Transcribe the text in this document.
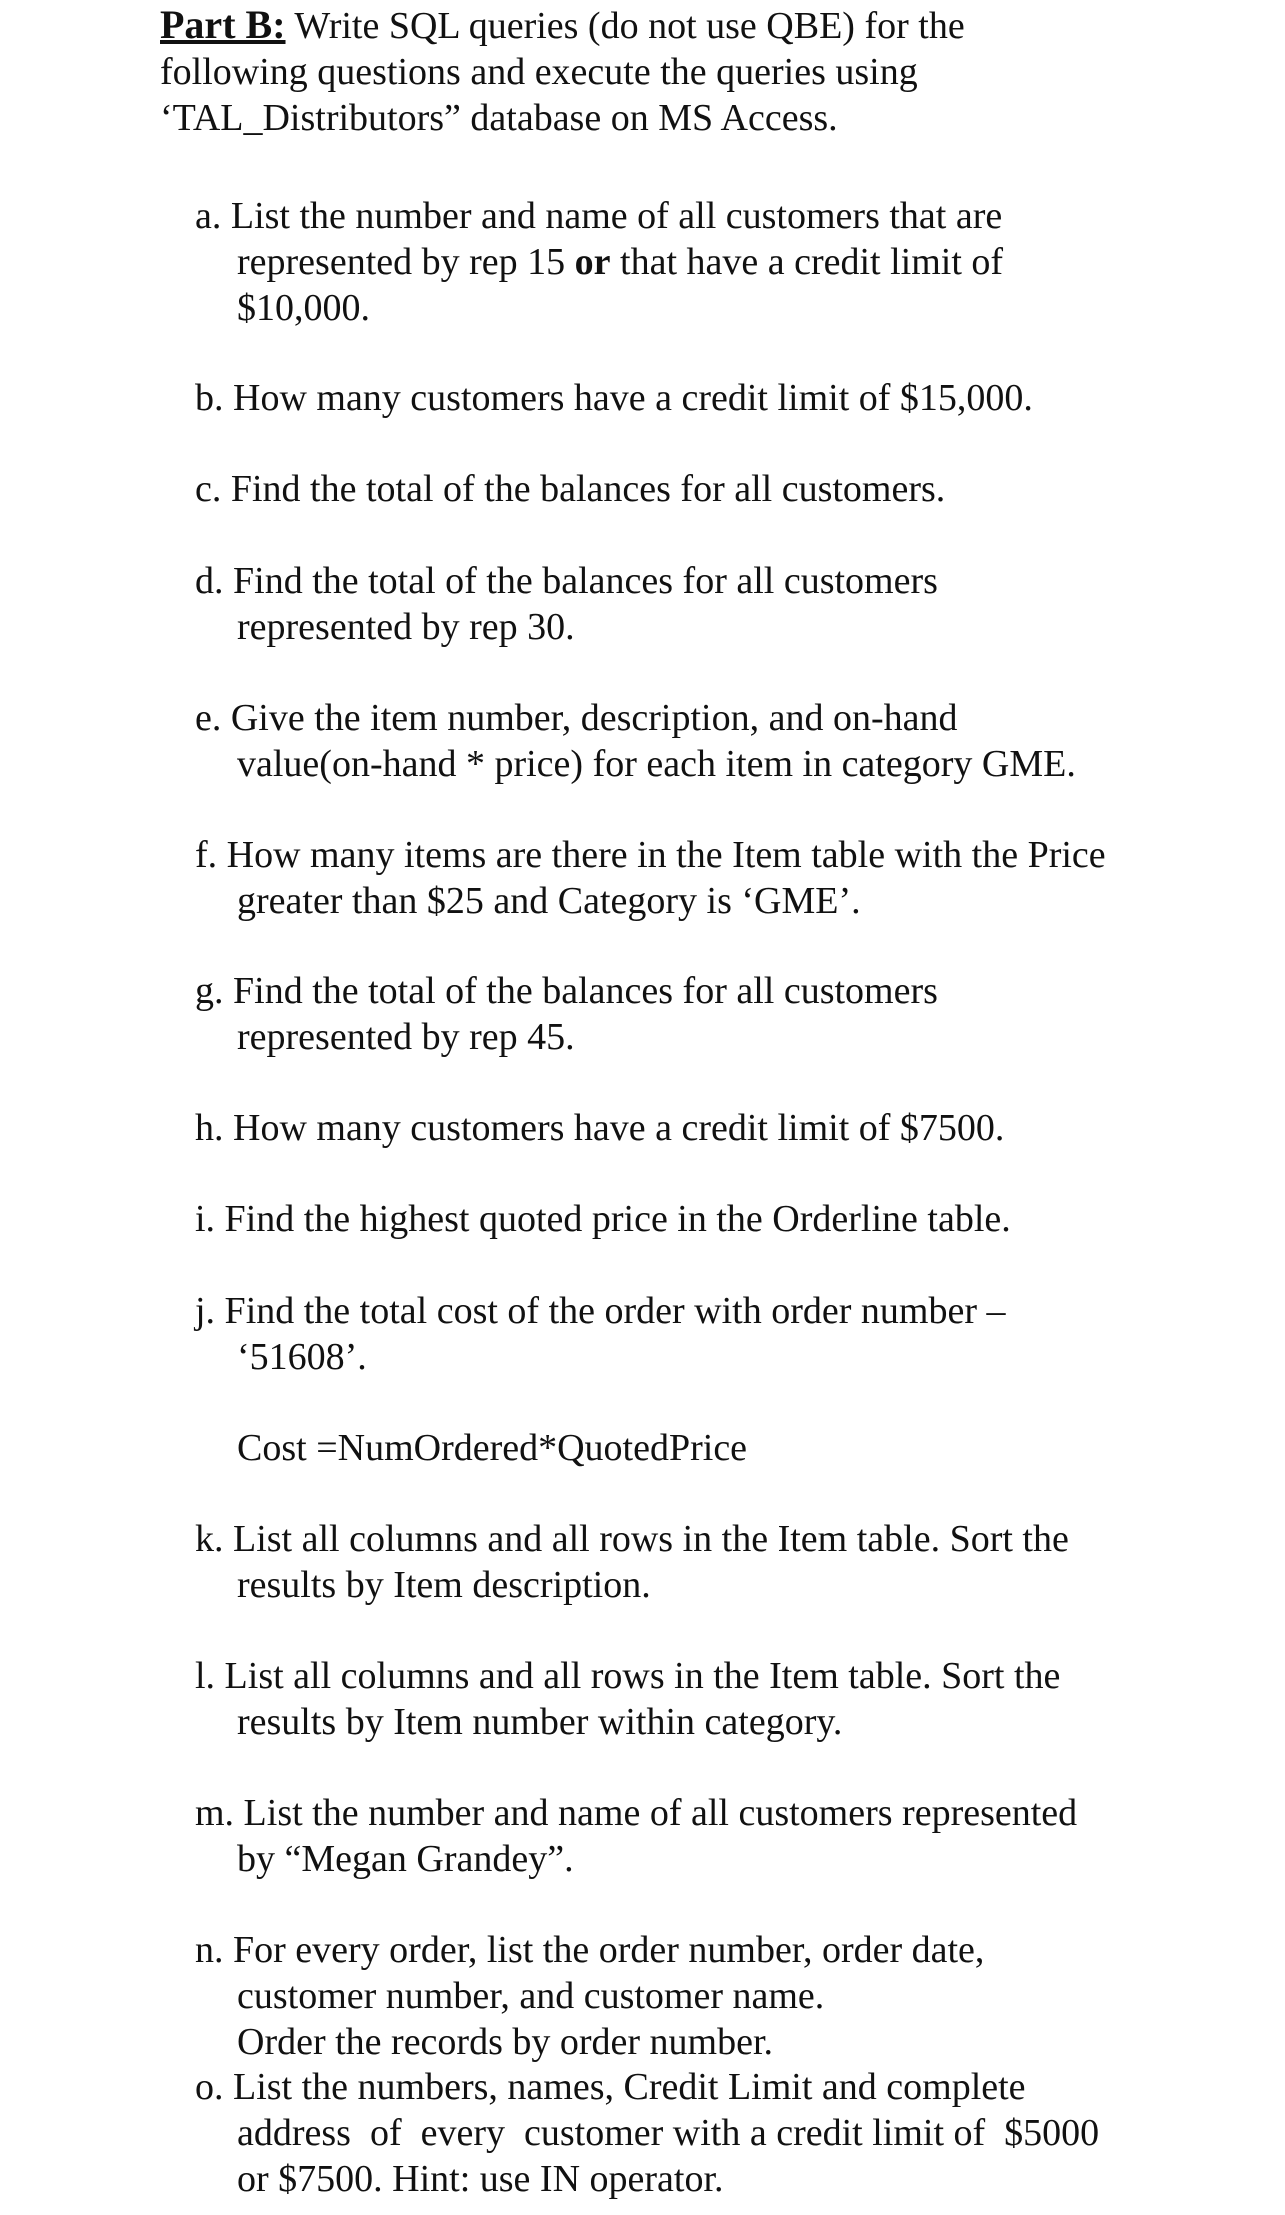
Part B: Write SQL queries (do not use QBE) for the
following questions and execute the queries using
‘TAL_Distributors” database on MS Access.
a. List the number and name of all customers that are
represented by rep 15 or that have a credit limit of
$10,000.
b. How many customers have a credit limit of $15,000.
c. Find the total of the balances for all customers.
d. Find the total of the balances for all customers
represented by rep 30.
e. Give the item number, description, and on-hand
value(on-hand * price) for each item in category GME.
f. How many items are there in the Item table with the Price
greater than $25 and Category is ‘GME’.
g. Find the total of the balances for all customers
represented by rep 45.
h. How many customers have a credit limit of $7500.
i. Find the highest quoted price in the Orderline table.
j. Find the total cost of the order with order number –
‘51608’.
Cost =NumOrdered*QuotedPrice
k. List all columns and all rows in the Item table. Sort the
results by Item description.
l. List all columns and all rows in the Item table. Sort the
results by Item number within category.
m. List the number and name of all customers represented
by “Megan Grandey”.
n. For every order, list the order number, order date,
customer number, and customer name.
Order the records by order number.
o. List the numbers, names, Credit Limit and complete
address  of  every  customer with a credit limit of  $5000
or $7500. Hint: use IN operator.
